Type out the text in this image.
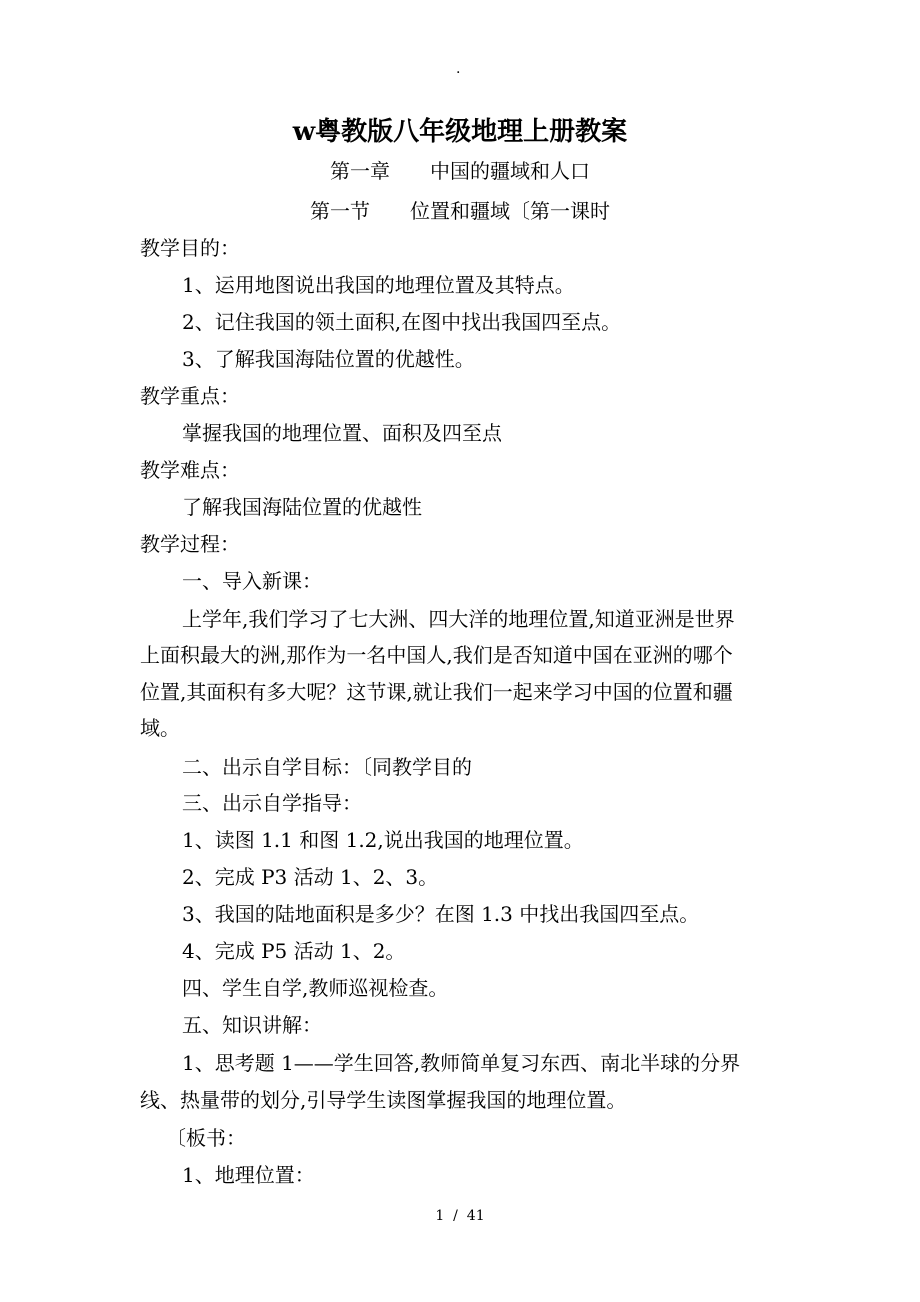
.
w粤教版八年级地理上册教案
第一章　　中国的疆域和人口
第一节　　位置和疆域〔第一课时
教学目的：
1、运用地图说出我国的地理位置及其特点。
2、记住我国的领土面积,在图中找出我国四至点。
3、了解我国海陆位置的优越性。
教学重点：
掌握我国的地理位置、面积及四至点
教学难点：
了解我国海陆位置的优越性
教学过程：
一、导入新课：
上学年,我们学习了七大洲、四大洋的地理位置,知道亚洲是世界
上面积最大的洲,那作为一名中国人,我们是否知道中国在亚洲的哪个
位置,其面积有多大呢？这节课,就让我们一起来学习中国的位置和疆
域。
二、出示自学目标：〔同教学目的
三、出示自学指导：
1、读图 1.1 和图 1.2,说出我国的地理位置。
2、完成 P3 活动 1、2、3。
3、我国的陆地面积是多少？在图 1.3 中找出我国四至点。
4、完成 P5 活动 1、2。
四、学生自学,教师巡视检查。
五、知识讲解：
1、思考题 1——学生回答,教师简单复习东西、南北半球的分界
线、热量带的划分,引导学生读图掌握我国的地理位置。
〔板书：
1、地理位置：
1  /  41
